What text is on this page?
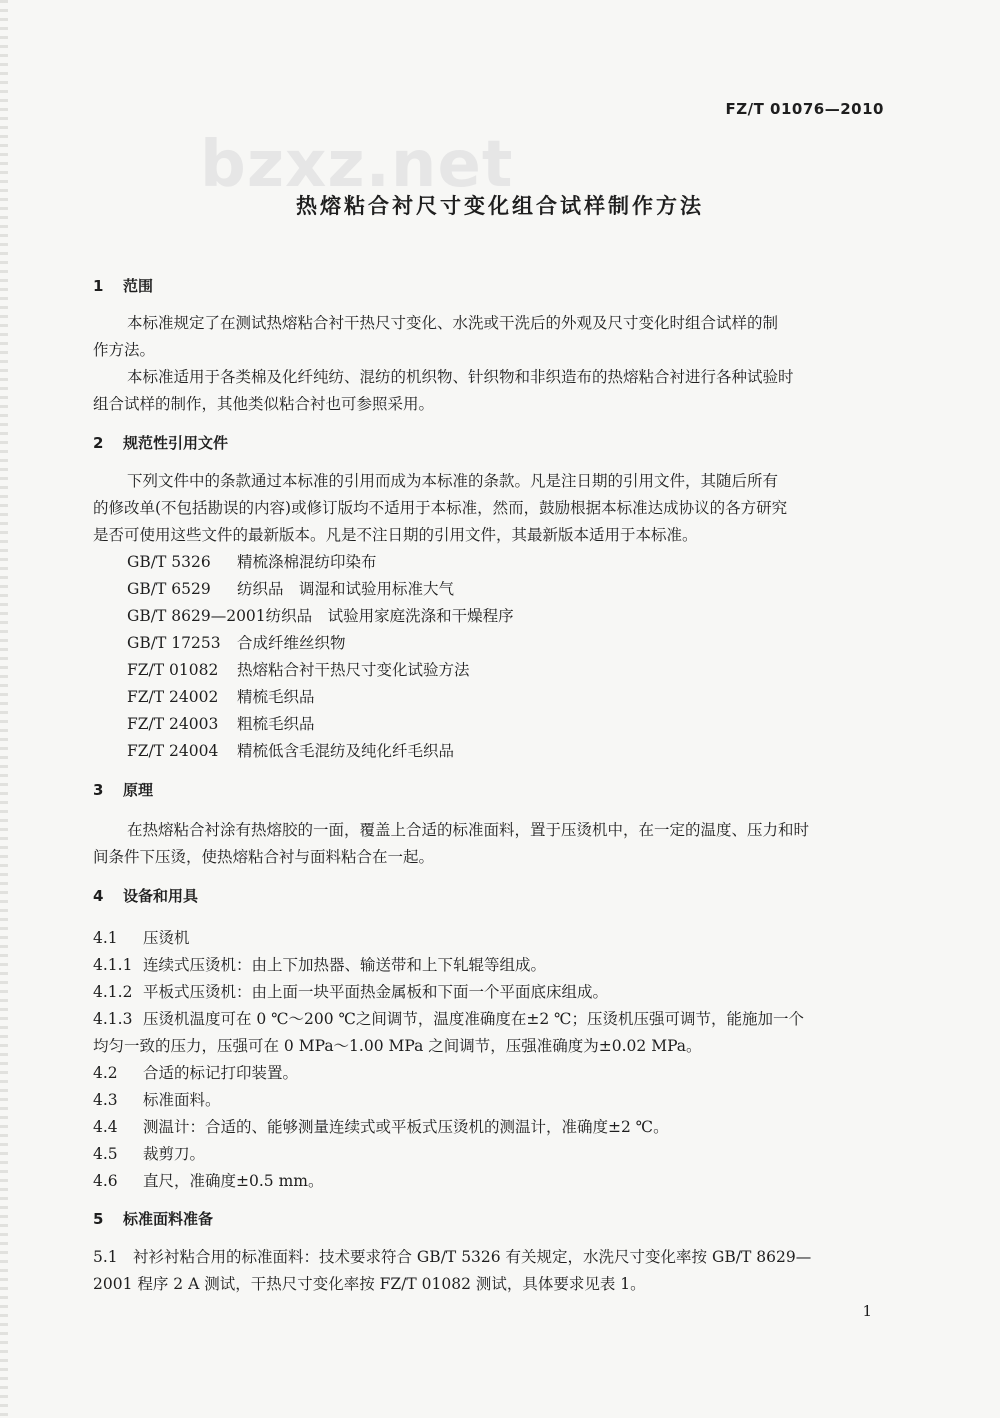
FZ/T 01076—2010
bzxz.net
热熔粘合衬尺寸变化组合试样制作方法
1 范围
本标准规定了在测试热熔粘合衬干热尺寸变化、水洗或干洗后的外观及尺寸变化时组合试样的制
作方法。
本标准适用于各类棉及化纤纯纺、混纺的机织物、针织物和非织造布的热熔粘合衬进行各种试验时
组合试样的制作，其他类似粘合衬也可参照采用。
2 规范性引用文件
下列文件中的条款通过本标准的引用而成为本标准的条款。凡是注日期的引用文件，其随后所有
的修改单(不包括勘误的内容)或修订版均不适用于本标准，然而，鼓励根据本标准达成协议的各方研究
是否可使用这些文件的最新版本。凡是不注日期的引用文件，其最新版本适用于本标准。
GB/T 5326 精梳涤棉混纺印染布
GB/T 6529 纺织品　调湿和试验用标准大气
GB/T 8629—2001纺织品　试验用家庭洗涤和干燥程序
GB/T 17253 合成纤维丝织物
FZ/T 01082 热熔粘合衬干热尺寸变化试验方法
FZ/T 24002 精梳毛织品
FZ/T 24003 粗梳毛织品
FZ/T 24004 精梳低含毛混纺及纯化纤毛织品
3 原理
在热熔粘合衬涂有热熔胶的一面，覆盖上合适的标准面料，置于压烫机中，在一定的温度、压力和时
间条件下压烫，使热熔粘合衬与面料粘合在一起。
4 设备和用具
4.1 压烫机
4.1.1 连续式压烫机：由上下加热器、输送带和上下轧辊等组成。
4.1.2 平板式压烫机：由上面一块平面热金属板和下面一个平面底床组成。
4.1.3 压烫机温度可在 0 ℃～200 ℃之间调节，温度准确度在±2 ℃；压烫机压强可调节，能施加一个
均匀一致的压力，压强可在 0 MPa～1.00 MPa 之间调节，压强准确度为±0.02 MPa。
4.2 合适的标记打印装置。
4.3 标准面料。
4.4 测温计：合适的、能够测量连续式或平板式压烫机的测温计，准确度±2 ℃。
4.5 裁剪刀。
4.6 直尺，准确度±0.5 mm。
5 标准面料准备
5.1 衬衫衬粘合用的标准面料：技术要求符合 GB/T 5326 有关规定，水洗尺寸变化率按 GB/T 8629—
2001 程序 2 A 测试，干热尺寸变化率按 FZ/T 01082 测试，具体要求见表 1。
1
